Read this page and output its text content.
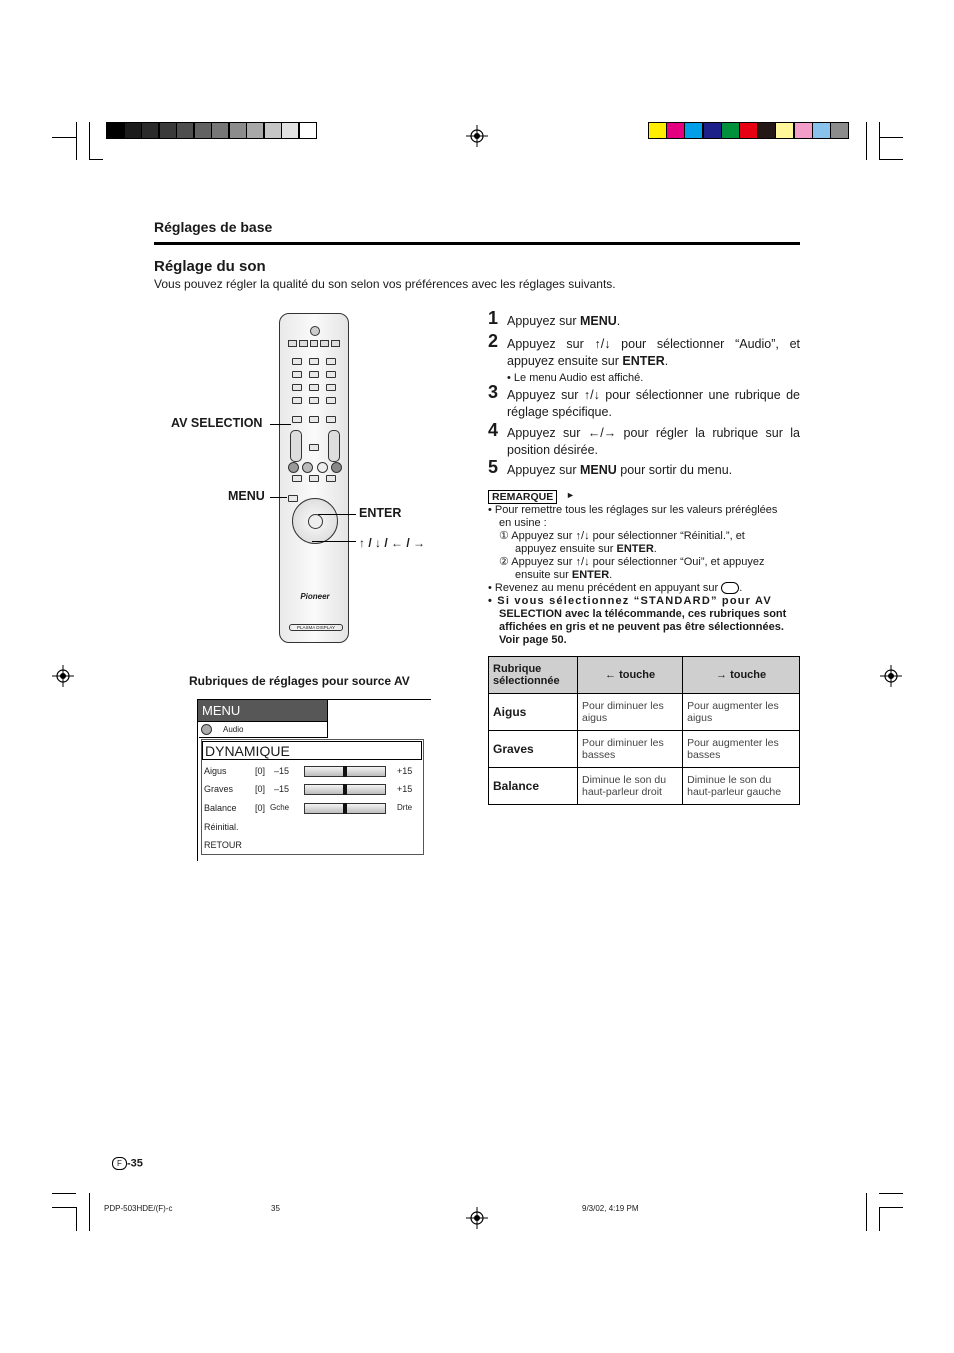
Réglages de base
Réglage du son
Vous pouvez régler la qualité du son selon vos préférences avec les réglages suivants.
Pioneer
PLASMA DISPLAY
AV SELECTION
MENU
ENTER
↑ / ↓ / ← / →
1 Appuyez sur MENU.
2 Appuyez sur ↑/↓ pour sélectionner “Audio”, et appuyez ensuite sur ENTER.
• Le menu Audio est affiché.
3 Appuyez sur ↑/↓ pour sélectionner une rubrique de réglage spécifique.
4 Appuyez sur ←/→ pour régler la rubrique sur la position désirée.
5 Appuyez sur MENU pour sortir du menu.
REMARQUE	►
• Pour remettre tous les réglages sur les valeurs préréglées
en usine :
① Appuyez sur ↑/↓ pour sélectionner “Réinitial.”, et
appuyez ensuite sur ENTER.
② Appuyez sur ↑/↓ pour sélectionner “Oui”, et appuyez
ensuite sur ENTER.
• Revenez au menu précédent en appuyant sur .
• Si vous sélectionnez “STANDARD” pour AV
SELECTION avec la télécommande, ces rubriques sont
affichées en gris et ne peuvent pas être sélectionnées.
Voir page 50.
Rubrique sélectionnée	← touche	→ touche
Aigus	Pour diminuer les aigus	Pour augmenter les aigus
Graves	Pour diminuer les basses	Pour augmenter les basses
Balance	Diminue le son du haut-parleur droit	Diminue le son du haut-parleur gauche
Rubriques de réglages pour source AV
MENU
Audio
DYNAMIQUE
Aigus	[0] –15	+15
Graves [0] –15	+15
Balance [0] Gche	Drte
Réinitial.
RETOUR
F -35
PDP-503HDE/(F)-c	35	9/3/02, 4:19 PM
